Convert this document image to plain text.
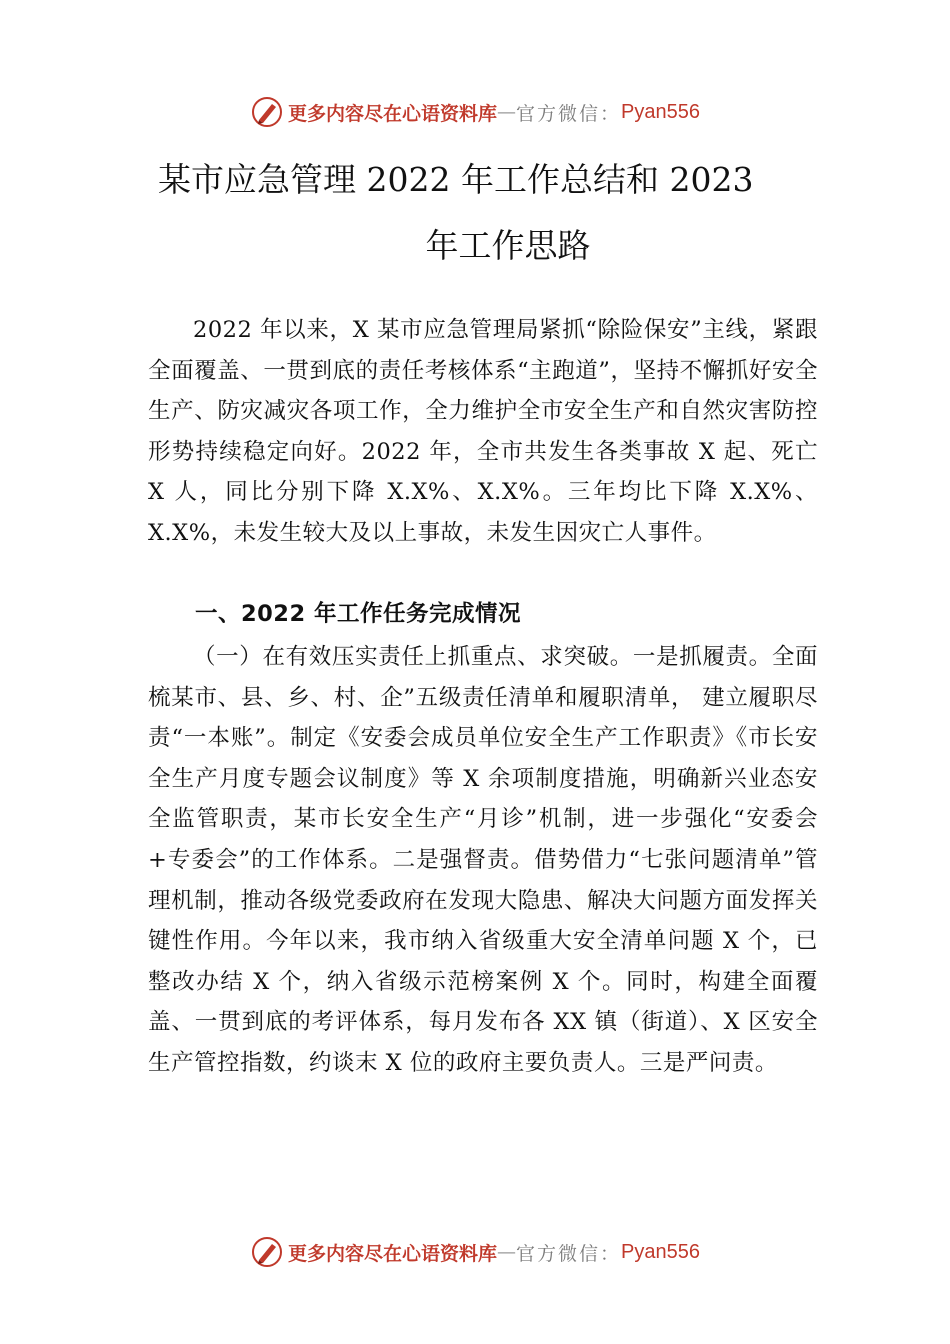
更多内容尽在心语资料库 — 官方微信： Pyan556
某市应急管理 2022 年工作总结和 2023
年工作思路

2022 年以来，X 某市应急管理局紧抓“除险保安”主线，紧跟全面覆盖、一贯到底的责任考核体系“主跑道”，坚持不懈抓好安全生产、防灾减灾各项工作，全力维护全市安全生产和自然灾害防控形势持续稳定向好。2022 年，全市共发生各类事故 X 起、死亡 X 人，同比分别下降 X.X%、X.X%。三年均比下降 X.X%、X.X%，未发生较大及以上事故，未发生因灾亡人事件。

一、2022 年工作任务完成情况

（一）在有效压实责任上抓重点、求突破。一是抓履责。全面梳某市、县、乡、村、企”五级责任清单和履职清单， 建立履职尽责“一本账”。制定《安委会成员单位安全生产工作职责》《市长安全生产月度专题会议制度》等 X 余项制度措施，明确新兴业态安全监管职责，某市长安全生产“月诊”机制，进一步强化“安委会+专委会”的工作体系。二是强督责。借势借力“七张问题清单”管理机制，推动各级党委政府在发现大隐患、解决大问题方面发挥关键性作用。今年以来，我市纳入省级重大安全清单问题 X 个，已整改办结 X 个，纳入省级示范榜案例 X 个。同时，构建全面覆盖、一贯到底的考评体系，每月发布各 XX 镇（街道）、X 区安全生产管控指数，约谈末 X 位的政府主要负责人。三是严问责。

更多内容尽在心语资料库 — 官方微信： Pyan556
